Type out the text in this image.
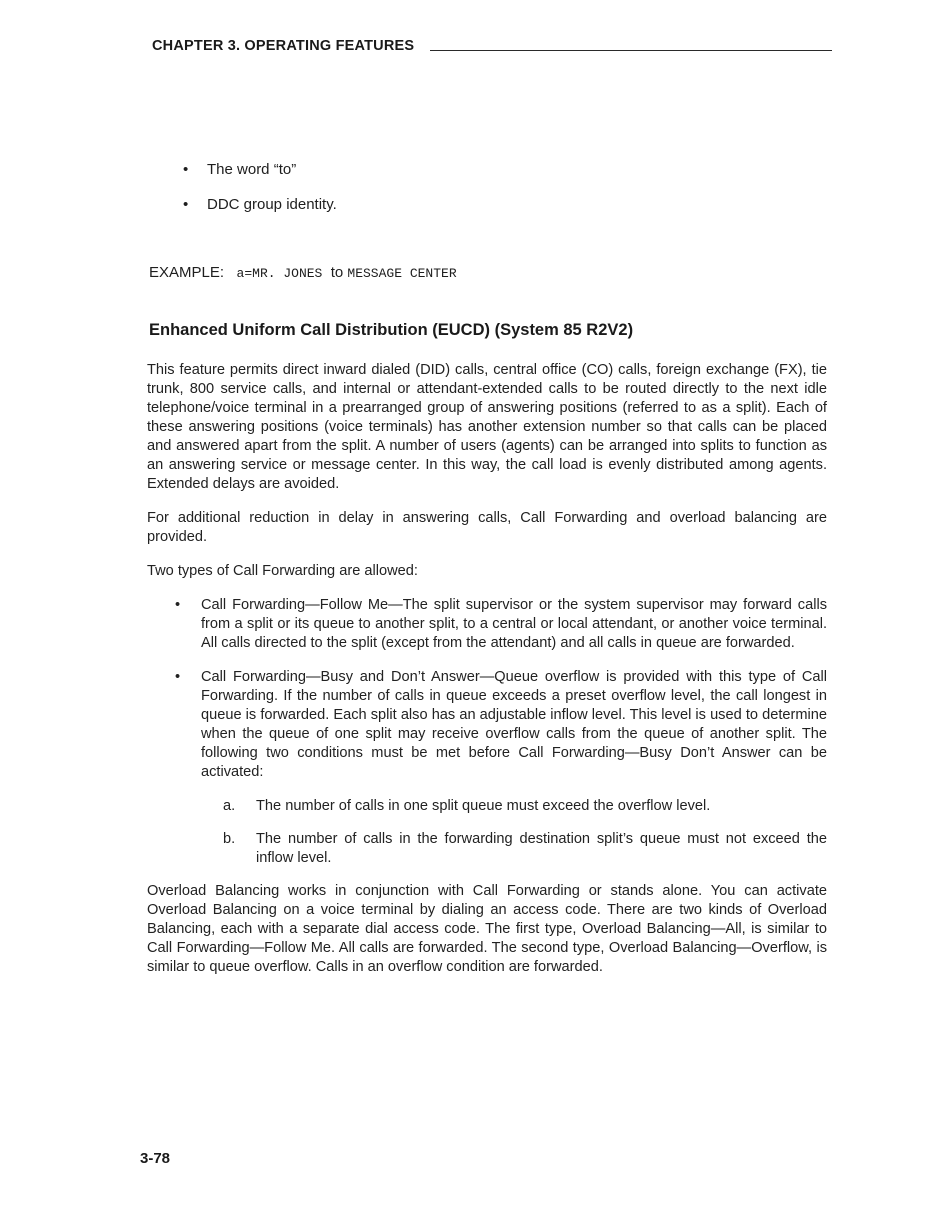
CHAPTER 3. OPERATING FEATURES
•	The word “to”
•	DDC group identity.
EXAMPLE: a=MR. JONES to MESSAGE CENTER
Enhanced Uniform Call Distribution (EUCD) (System 85 R2V2)

This feature permits direct inward dialed (DID) calls, central office (CO) calls, foreign exchange (FX), tie trunk, 800 service calls, and internal or attendant-extended calls to be routed directly to the next idle telephone/voice terminal in a prearranged group of answering positions (referred to as a split). Each of these answering positions (voice terminals) has another extension number so that calls can be placed and answered apart from the split. A number of users (agents) can be arranged into splits to function as an answering service or message center. In this way, the call load is evenly distributed among agents. Extended delays are avoided.

For additional reduction in delay in answering calls, Call Forwarding and overload balancing are provided.

Two types of Call Forwarding are allowed:

• Call Forwarding—Follow Me—The split supervisor or the system supervisor may forward calls from a split or its queue to another split, to a central or local attendant, or another voice terminal. All calls directed to the split (except from the attendant) and all calls in queue are forwarded.
• Call Forwarding—Busy and Don’t Answer—Queue overflow is provided with this type of Call Forwarding. If the number of calls in queue exceeds a preset overflow level, the call longest in queue is forwarded. Each split also has an adjustable inflow level. This level is used to determine when the queue of one split may receive overflow calls from the queue of another split. The following two conditions must be met before Call Forwarding—Busy Don’t Answer can be activated:
a. The number of calls in one split queue must exceed the overflow level.
b. The number of calls in the forwarding destination split’s queue must not exceed the inflow level.

Overload Balancing works in conjunction with Call Forwarding or stands alone. You can activate Overload Balancing on a voice terminal by dialing an access code. There are two kinds of Overload Balancing, each with a separate dial access code. The first type, Overload Balancing—All, is similar to Call Forwarding—Follow Me. All calls are forwarded. The second type, Overload Balancing—Overflow, is similar to queue overflow. Calls in an overflow condition are forwarded.

3-78
